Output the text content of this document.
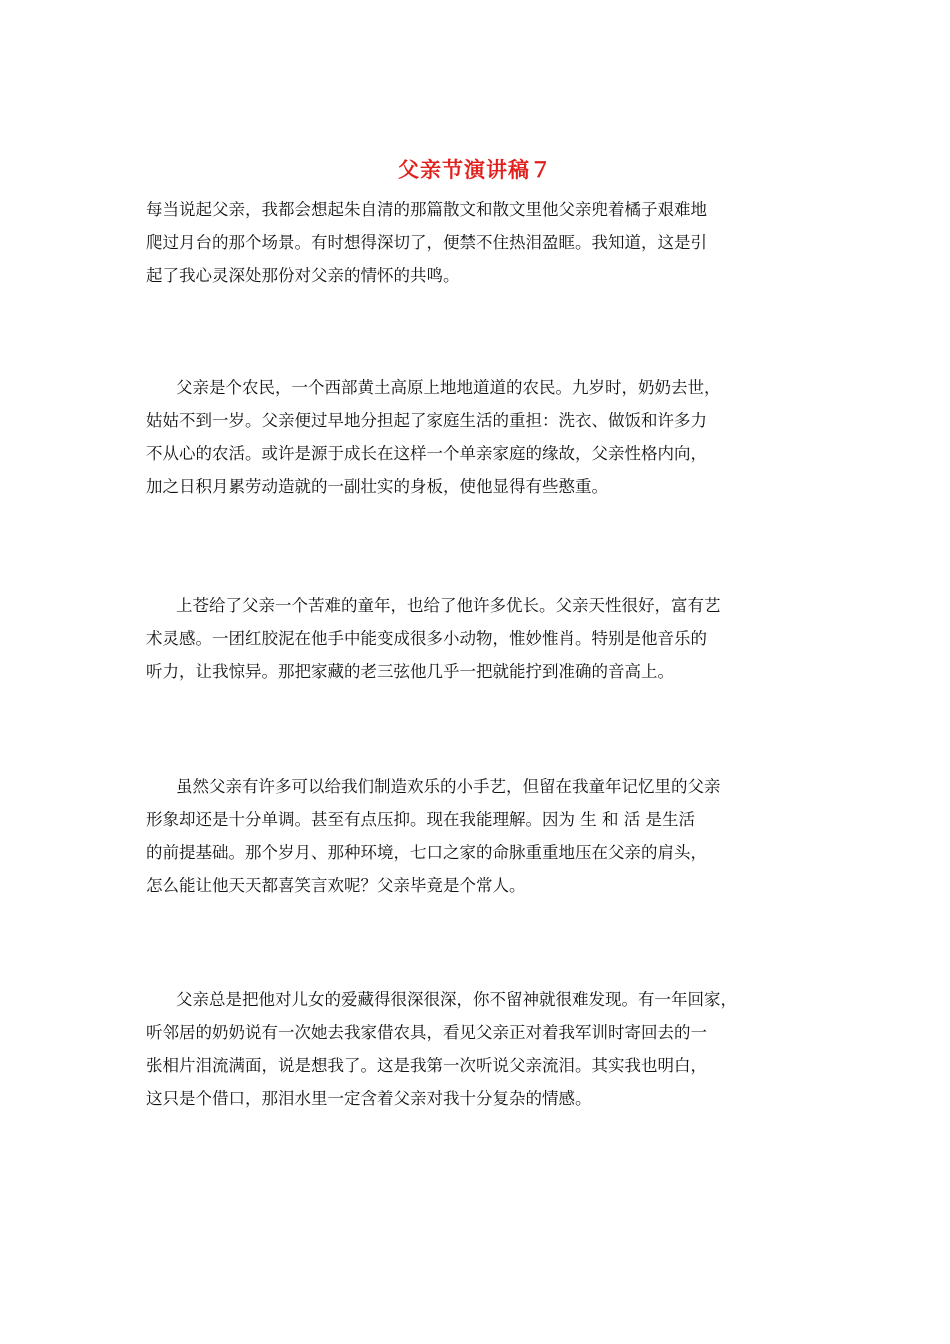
父亲节演讲稿７
每当说起父亲，我都会想起朱自清的那篇散文和散文里他父亲兜着橘子艰难地
爬过月台的那个场景。有时想得深切了，便禁不住热泪盈眶。我知道，这是引
起了我心灵深处那份对父亲的情怀的共鸣。
父亲是个农民，一个西部黄土高原上地地道道的农民。九岁时，奶奶去世，
姑姑不到一岁。父亲便过早地分担起了家庭生活的重担：洗衣、做饭和许多力
不从心的农活。或许是源于成长在这样一个单亲家庭的缘故，父亲性格内向，
加之日积月累劳动造就的一副壮实的身板，使他显得有些憨重。
上苍给了父亲一个苦难的童年，也给了他许多优长。父亲天性很好，富有艺
术灵感。一团红胶泥在他手中能变成很多小动物，惟妙惟肖。特别是他音乐的
听力，让我惊异。那把家藏的老三弦他几乎一把就能拧到准确的音高上。
虽然父亲有许多可以给我们制造欢乐的小手艺，但留在我童年记忆里的父亲
形象却还是十分单调。甚至有点压抑。现在我能理解。因为 生 和 活 是生活
的前提基础。那个岁月、那种环境，七口之家的命脉重重地压在父亲的肩头，
怎么能让他天天都喜笑言欢呢？父亲毕竟是个常人。
父亲总是把他对儿女的爱藏得很深很深，你不留神就很难发现。有一年回家，
听邻居的奶奶说有一次她去我家借农具，看见父亲正对着我军训时寄回去的一
张相片泪流满面，说是想我了。这是我第一次听说父亲流泪。其实我也明白，
这只是个借口，那泪水里一定含着父亲对我十分复杂的情感。
